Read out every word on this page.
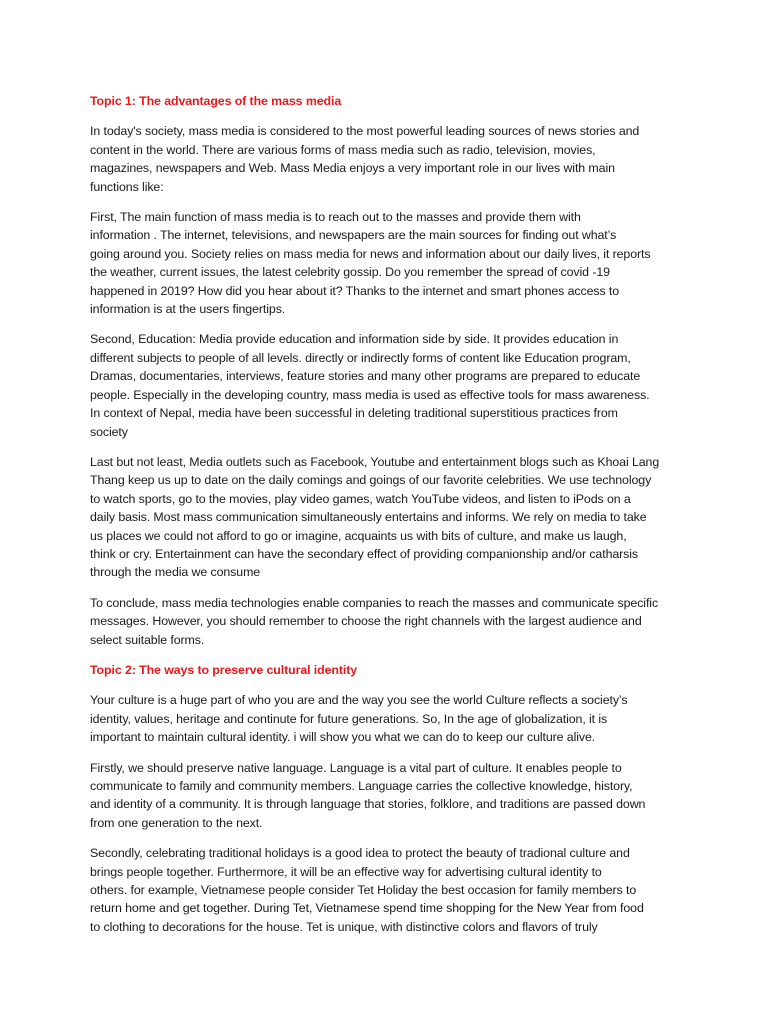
Topic 1: The advantages of the mass media
In today's society, mass media is considered to the most powerful leading sources of news stories and
content in the world. There are various forms of mass media such as radio, television, movies,
magazines, newspapers and Web. Mass Media enjoys a very important role in our lives with main
functions like:
First, The main function of mass media is to reach out to the masses and provide them with
information . The internet, televisions, and newspapers are the main sources for finding out what’s
going around you. Society relies on mass media for news and information about our daily lives, it reports
the weather, current issues, the latest celebrity gossip. Do you remember the spread of covid -19
happened in 2019? How did you hear about it? Thanks to the internet and smart phones access to
information is at the users fingertips.
Second, Education: Media provide education and information side by side. It provides education in
different subjects to people of all levels. directly or indirectly forms of content like Education program,
Dramas, documentaries, interviews, feature stories and many other programs are prepared to educate
people. Especially in the developing country, mass media is used as effective tools for mass awareness.
In context of Nepal, media have been successful in deleting traditional superstitious practices from
society
Last but not least, Media outlets such as Facebook, Youtube and entertainment blogs such as Khoai Lang
Thang keep us up to date on the daily comings and goings of our favorite celebrities. We use technology
to watch sports, go to the movies, play video games, watch YouTube videos, and listen to iPods on a
daily basis. Most mass communication simultaneously entertains and informs. We rely on media to take
us places we could not afford to go or imagine, acquaints us with bits of culture, and make us laugh,
think or cry. Entertainment can have the secondary effect of providing companionship and/or catharsis
through the media we consume
To conclude, mass media technologies enable companies to reach the masses and communicate specific
messages. However, you should remember to choose the right channels with the largest audience and
select suitable forms.
Topic 2: The ways to preserve cultural identity
Your culture is a huge part of who you are and the way you see the world Culture reflects a society’s
identity, values, heritage and continute for future generations. So, In the age of globalization, it is
important to maintain cultural identity. i will show you what we can do to keep our culture alive.
Firstly, we should preserve native language. Language is a vital part of culture. It enables people to
communicate to family and community members. Language carries the collective knowledge, history,
and identity of a community. It is through language that stories, folklore, and traditions are passed down
from one generation to the next.
Secondly, celebrating traditional holidays is a good idea to protect the beauty of tradional culture and
brings people together. Furthermore, it will be an effective way for advertising cultural identity to
others. for example, Vietnamese people consider Tet Holiday the best occasion for family members to
return home and get together. During Tet, Vietnamese spend time shopping for the New Year from food
to clothing to decorations for the house. Tet is unique, with distinctive colors and flavors of truly
